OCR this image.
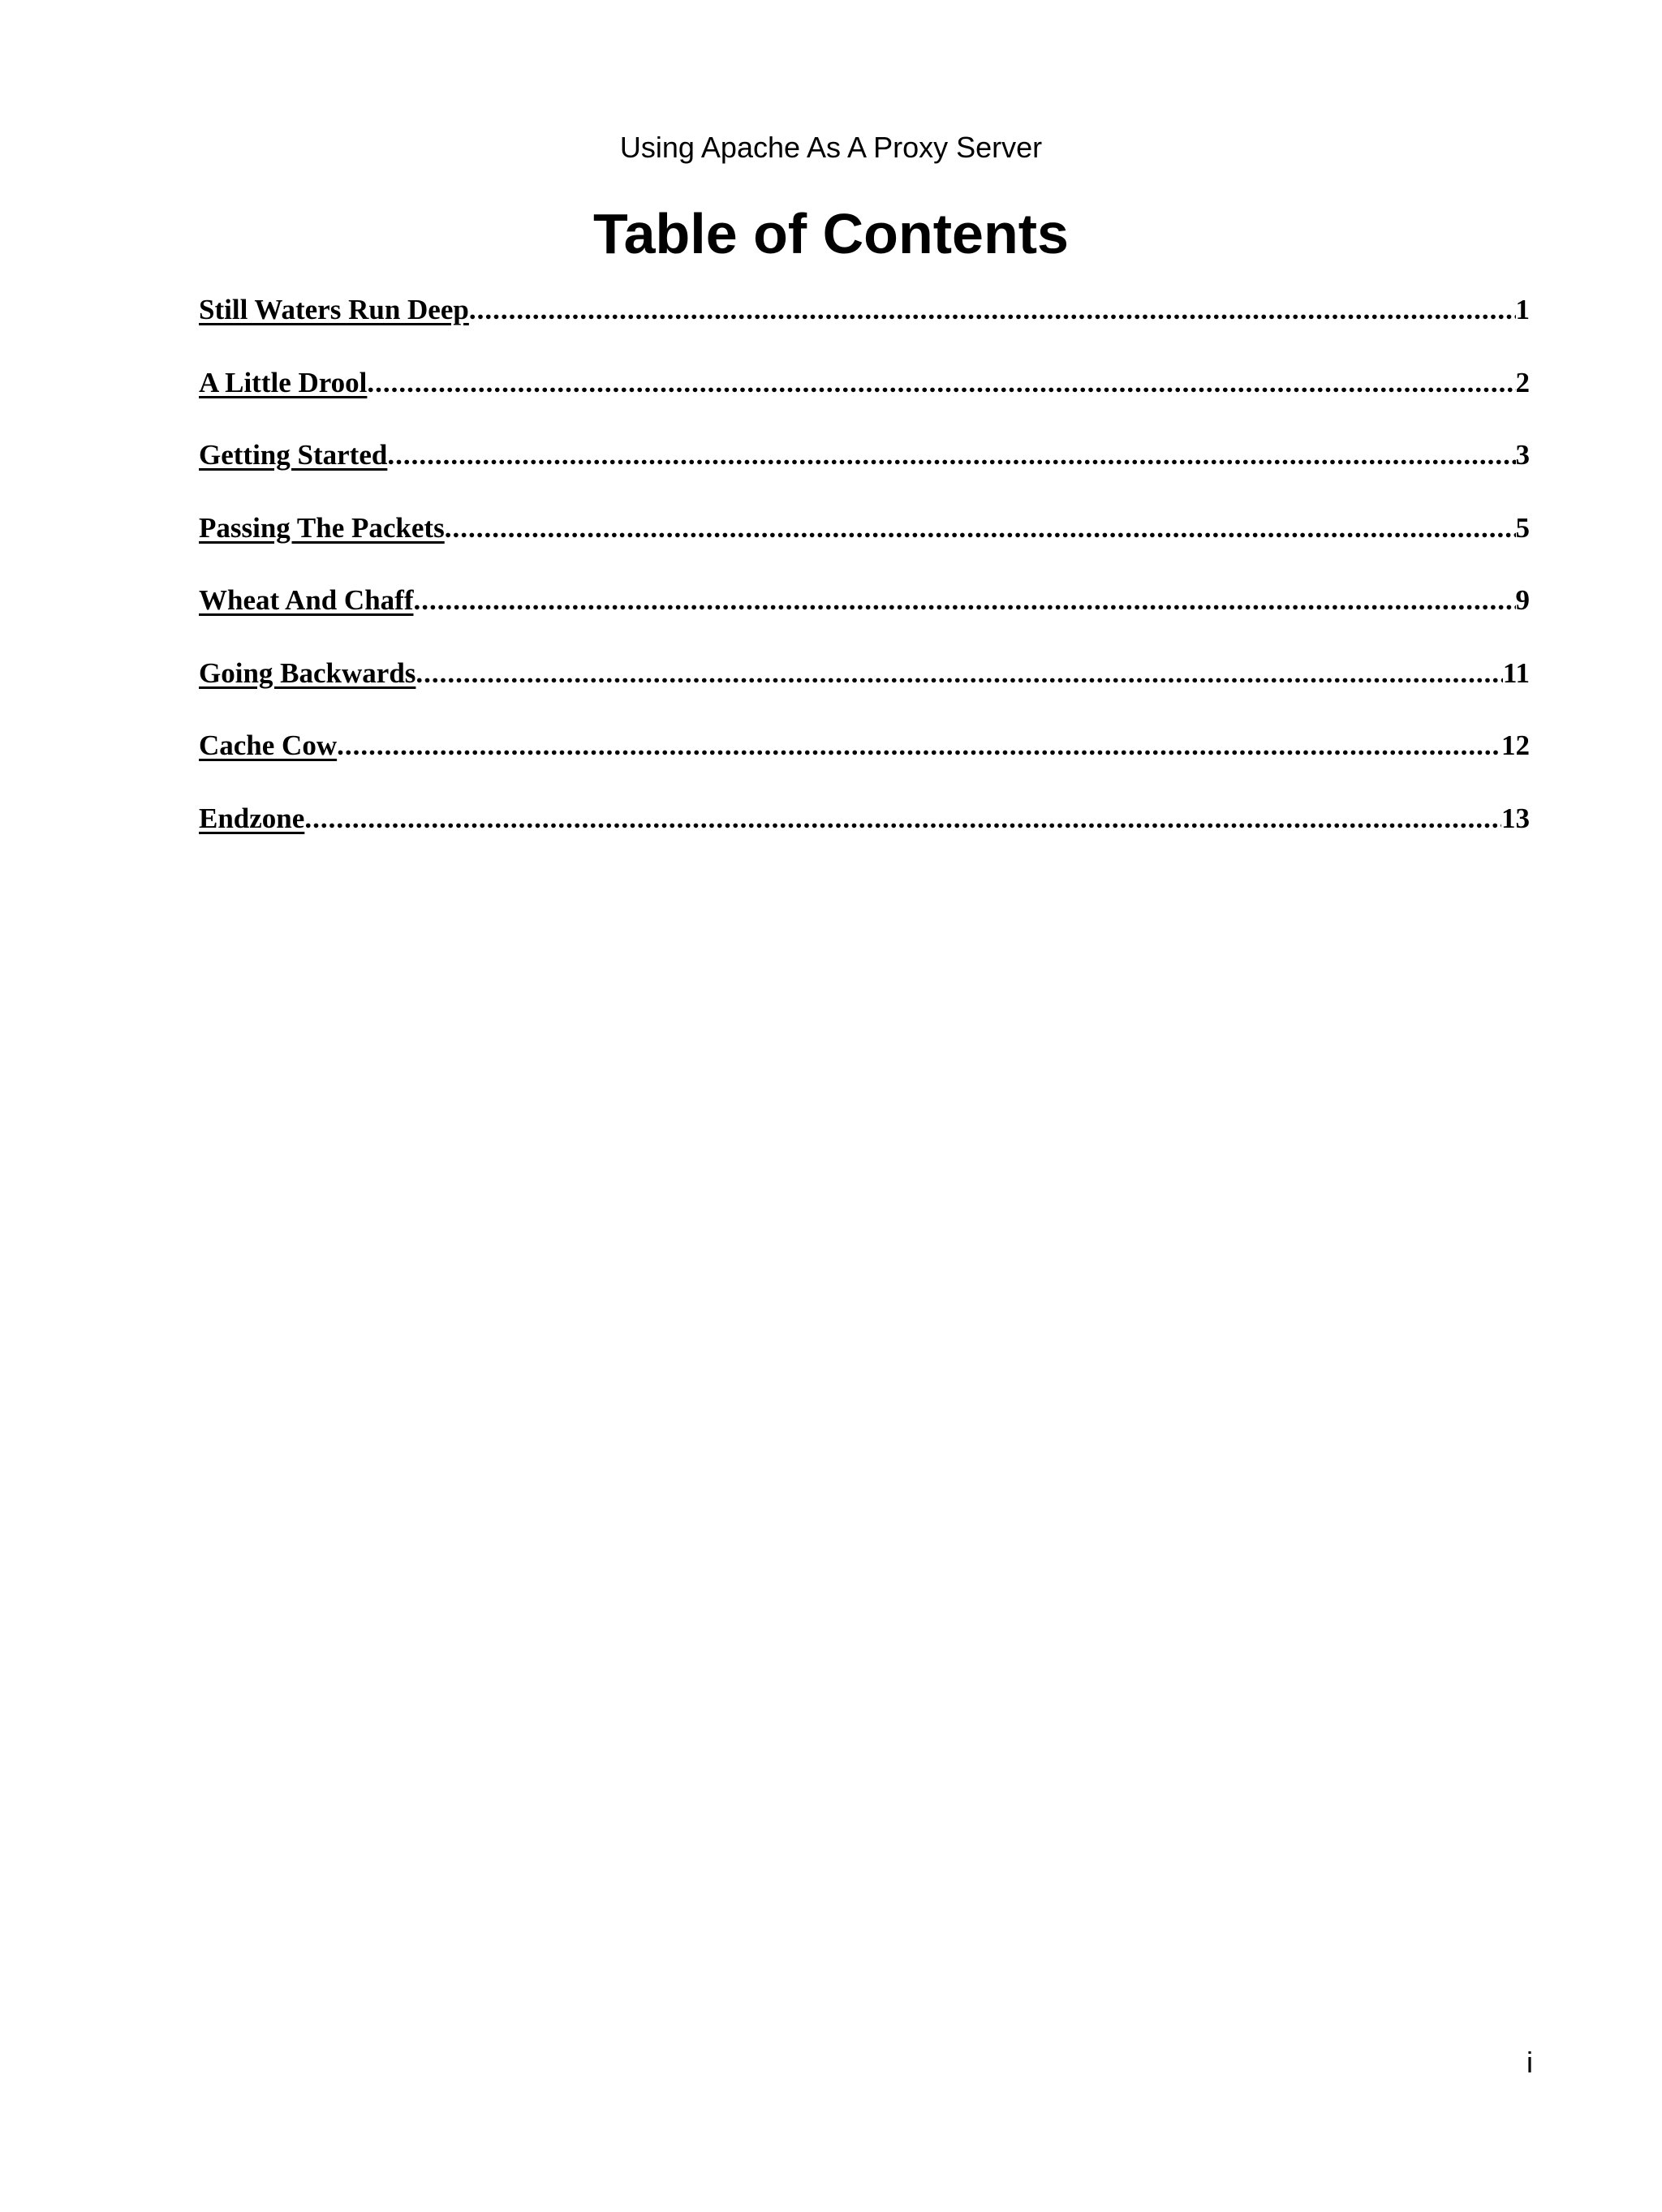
Using Apache As A Proxy Server
Table of Contents
Still Waters Run Deep .....	1
A Little Drool .....	2
Getting Started .....	3
Passing The Packets .....	5
Wheat And Chaff .....	9
Going Backwards .....	11
Cache Cow .....	12
Endzone .....	13
i
